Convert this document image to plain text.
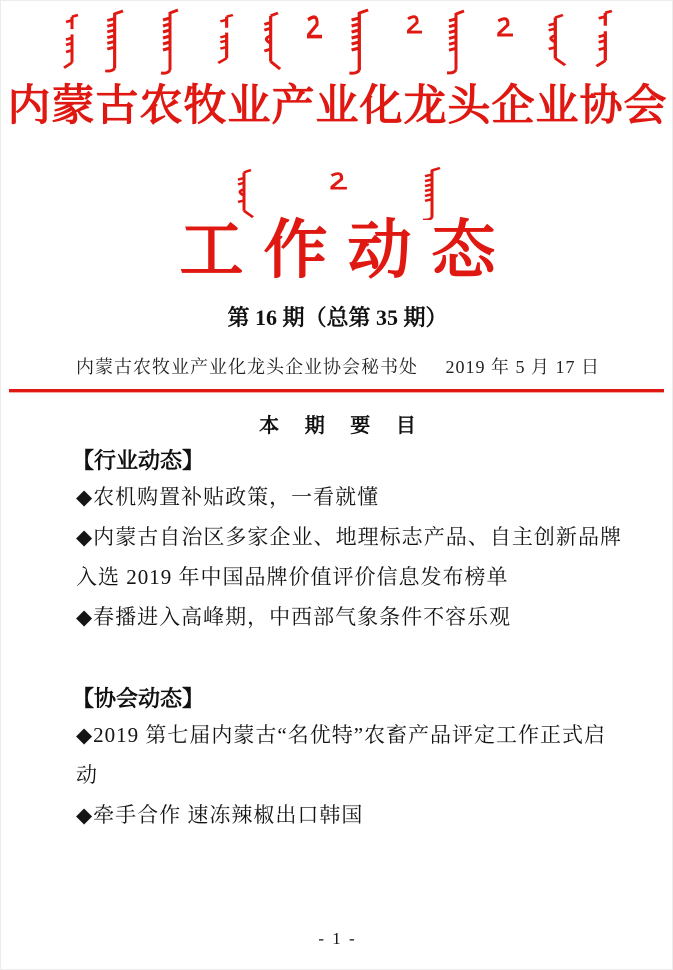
内蒙古农牧业产业化龙头企业协会
工作动态
第 16 期（总第 35 期）
内蒙古农牧业产业化龙头企业协会秘书处 2019 年 5 月 17 日
本 期 要 目
【行业动态】

◆农机购置补贴政策，一看就懂

◆内蒙古自治区多家企业、地理标志产品、自主创新品牌入选 2019 年中国品牌价值评价信息发布榜单

◆春播进入高峰期，中西部气象条件不容乐观

【协会动态】

◆2019 第七届内蒙古“名优特”农畜产品评定工作正式启动

◆牵手合作 速冻辣椒出口韩国

- 1 -
